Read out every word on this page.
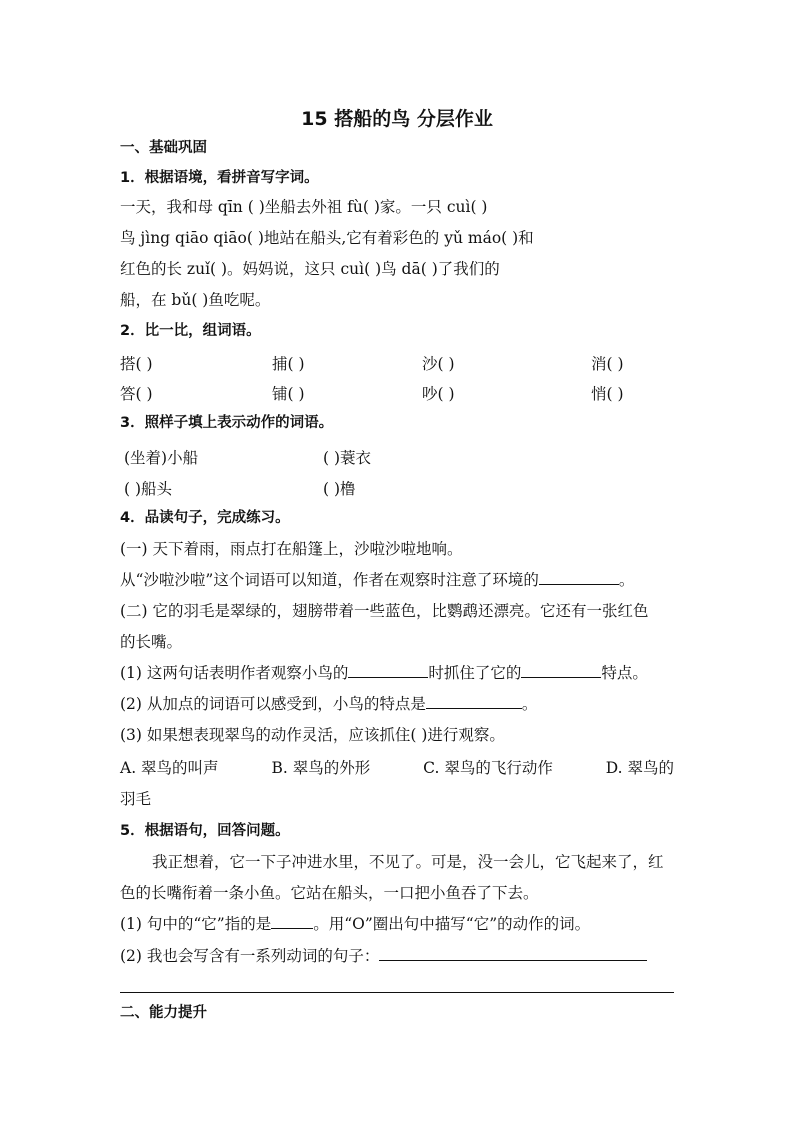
15 搭船的鸟 分层作业
一、基础巩固
1．根据语境，看拼音写字词。
一天，我和母 qīn ( )坐船去外祖 fù( )家。一只 cuì( )
鸟 jìng qiāo qiāo( )地站在船头,它有着彩色的 yǔ máo( )和
红色的长 zuǐ( )。妈妈说，这只 cuì( )鸟 dā( )了我们的
船，在 bǔ( )鱼吃呢。
2．比一比，组词语。
搭( )	捕( )	沙( )	消( )
答( )	铺( )	吵( )	悄( )
3．照样子填上表示动作的词语。
(坐着)小船	( )蓑衣
( )船头	( )橹
4．品读句子，完成练习。
(一) 天下着雨，雨点打在船篷上，沙啦沙啦地响。
从“沙啦沙啦”这个词语可以知道，作者在观察时注意了环境的	。
(二) 它的羽毛是翠绿的，翅膀带着一些蓝色，比鹦鹉还漂亮。它还有一张红色
的长嘴。
(1) 这两句话表明作者观察小鸟的	时抓住了它的	特点。
(2) 从加点的词语可以感受到，小鸟的特点是	。
(3) 如果想表现翠鸟的动作灵活，应该抓住( )进行观察。
A. 翠鸟的叫声	B. 翠鸟的外形	C. 翠鸟的飞行动作	D. 翠鸟的
羽毛
5．根据语句，回答问题。
我正想着，它一下子冲进水里，不见了。可是，没一会儿，它飞起来了，红
色的长嘴衔着一条小鱼。它站在船头，一口把小鱼吞了下去。
(1) 句中的“它”指的是	。用“O”圈出句中描写“它”的动作的词。
(2) 我也会写含有一系列动词的句子：
二、能力提升
